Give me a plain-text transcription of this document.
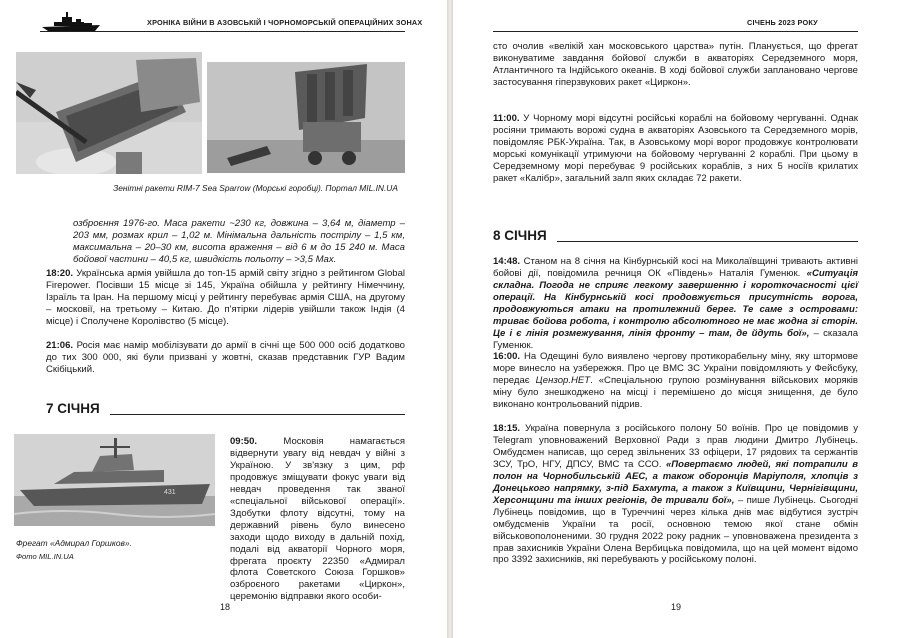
ХРОНІКА ВІЙНИ В АЗОВСЬКІЙ І ЧОРНОМОРСЬКІЙ ОПЕРАЦІЙНИХ ЗОНАХ
Зенітні ракети RIM-7 Sea Sparrow (Морські горобці). Портал MIL.IN.UA
озброєння 1976-го. Маса ракети ~230 кг, довжина – 3,64 м, діаметр – 203 мм, розмах крил – 1,02 м. Мінімальна дальність пострілу – 1,5 км, максимальна – 20–30 км, висота враження – від 6 м до 15 240 м. Маса бойової частини – 40,5 кг, швидкість польоту – >3,5 Max.

18:20. Українська армія увійшла до топ-15 армій світу згідно з рейтингом Global Firepower. Посівши 15 місце зі 145, Україна обійшла у рейтингу Німеччину, Ізраїль та Іран. На першому місці у рейтингу перебуває армія США, на другому – московії, на третьому – Китаю. До п'ятірки лідерів увійшли також Індія (4 місце) і Сполучене Королівство (5 місце).

21:06. Росія має намір мобілізувати до армії в січні ще 500 000 осіб додатково до тих 300 000, які були призвані у жовтні, сказав представник ГУР Вадим Скібіцький.

7 СІЧНЯ
431
Фрегат «Адмирал Горшков».
Фото MIL.IN.UA

09:50. Московія намагається відвернути увагу від невдач у війні з Україною. У зв'язку з цим, рф продовжує зміщувати фокус уваги від невдач проведення так званої «спеціальної військової операції». Здобутки флоту відсутні, тому на державний рівень було винесено заходи щодо виходу в дальній похід, подалі від акваторії Чорного моря, фрегата проєкту 22350 «Адмирал флота Советского Союза Горшков» озброєного ракетами «Циркон», церемонію відправки якого особи-

18
СІЧЕНЬ 2023 РОКУ
сто очолив «велікій хан московського царства» путін. Планується, що фрегат виконуватиме завдання бойової служби в акваторіях Середземного моря, Атлантичного та Індійського океанів. В ході бойової служби заплановано чергове застосування гіперзвукових ракет «Циркон».

11:00. У Чорному морі відсутні російські кораблі на бойовому чергуванні. Однак росіяни тримають ворожі судна в акваторіях Азовського та Середземного морів, повідомляє РБК-Україна. Так, в Азовському морі ворог продовжує контролювати морські комунікації утримуючи на бойовому чергуванні 2 кораблі. При цьому в Середземному морі перебуває 9 російських кораблів, з них 5 носіїв крилатих ракет «Калібр», загальний залп яких складає 72 ракети.

8 СІЧНЯ

14:48. Станом на 8 січня на Кінбурнській косі на Миколаївщині тривають активні бойові дії, повідомила речниця ОК «Південь» Наталія Гуменюк. «Ситуація складна. Погода не сприяє легкому завершенню і короткочасності цієї операції. На Кінбурнській косі продовжується присутність ворога, продовжуються атаки на протилежний берег. Те саме з островами: триває бойова робота, і контролю абсолютного не має жодна зі сторін. Це і є лінія розмежування, лінія фронту – там, де йдуть бої», – сказала Гуменюк.

16:00. На Одещині було виявлено чергову протикорабельну міну, яку штормове море винесло на узбережжя. Про це ВМС ЗС України повідомляють у Фейсбуку, передає Цензор.НЕТ. «Спеціальною групою розмінування військових моряків міну було знешкоджено на місці і перемішено до місця знищення, де було виконано контрольований підрив.

18:15. Україна повернула з російського полону 50 воїнів. Про це повідомив у Telegram уповноважений Верховної Ради з прав людини Дмитро Лубінець. Омбудсмен написав, що серед звільнених 33 офіцери, 17 рядових та сержантів ЗСУ, ТрО, НГУ, ДПСУ, ВМС та ССО. «Повертаємо людей, які потрапили в полон на Чорнобильській АЕС, а також оборонців Маріуполя, хлопців з Донецького напрямку, з-під Бахмута, а також з Київщини, Чернігівщини, Херсонщини та інших регіонів, де тривали бої», – пише Лубінець. Сьогодні Лубінець повідомив, що в Туреччині через кілька днів має відбутися зустріч омбудсменів України та росії, основною темою якої стане обмін військовополоненими. 30 грудня 2022 року радник – уповноважена президента з прав захисників України Олена Вербицька повідомила, що на цей момент відомо про 3392 захисників, які перебувають у російському полоні.

19
